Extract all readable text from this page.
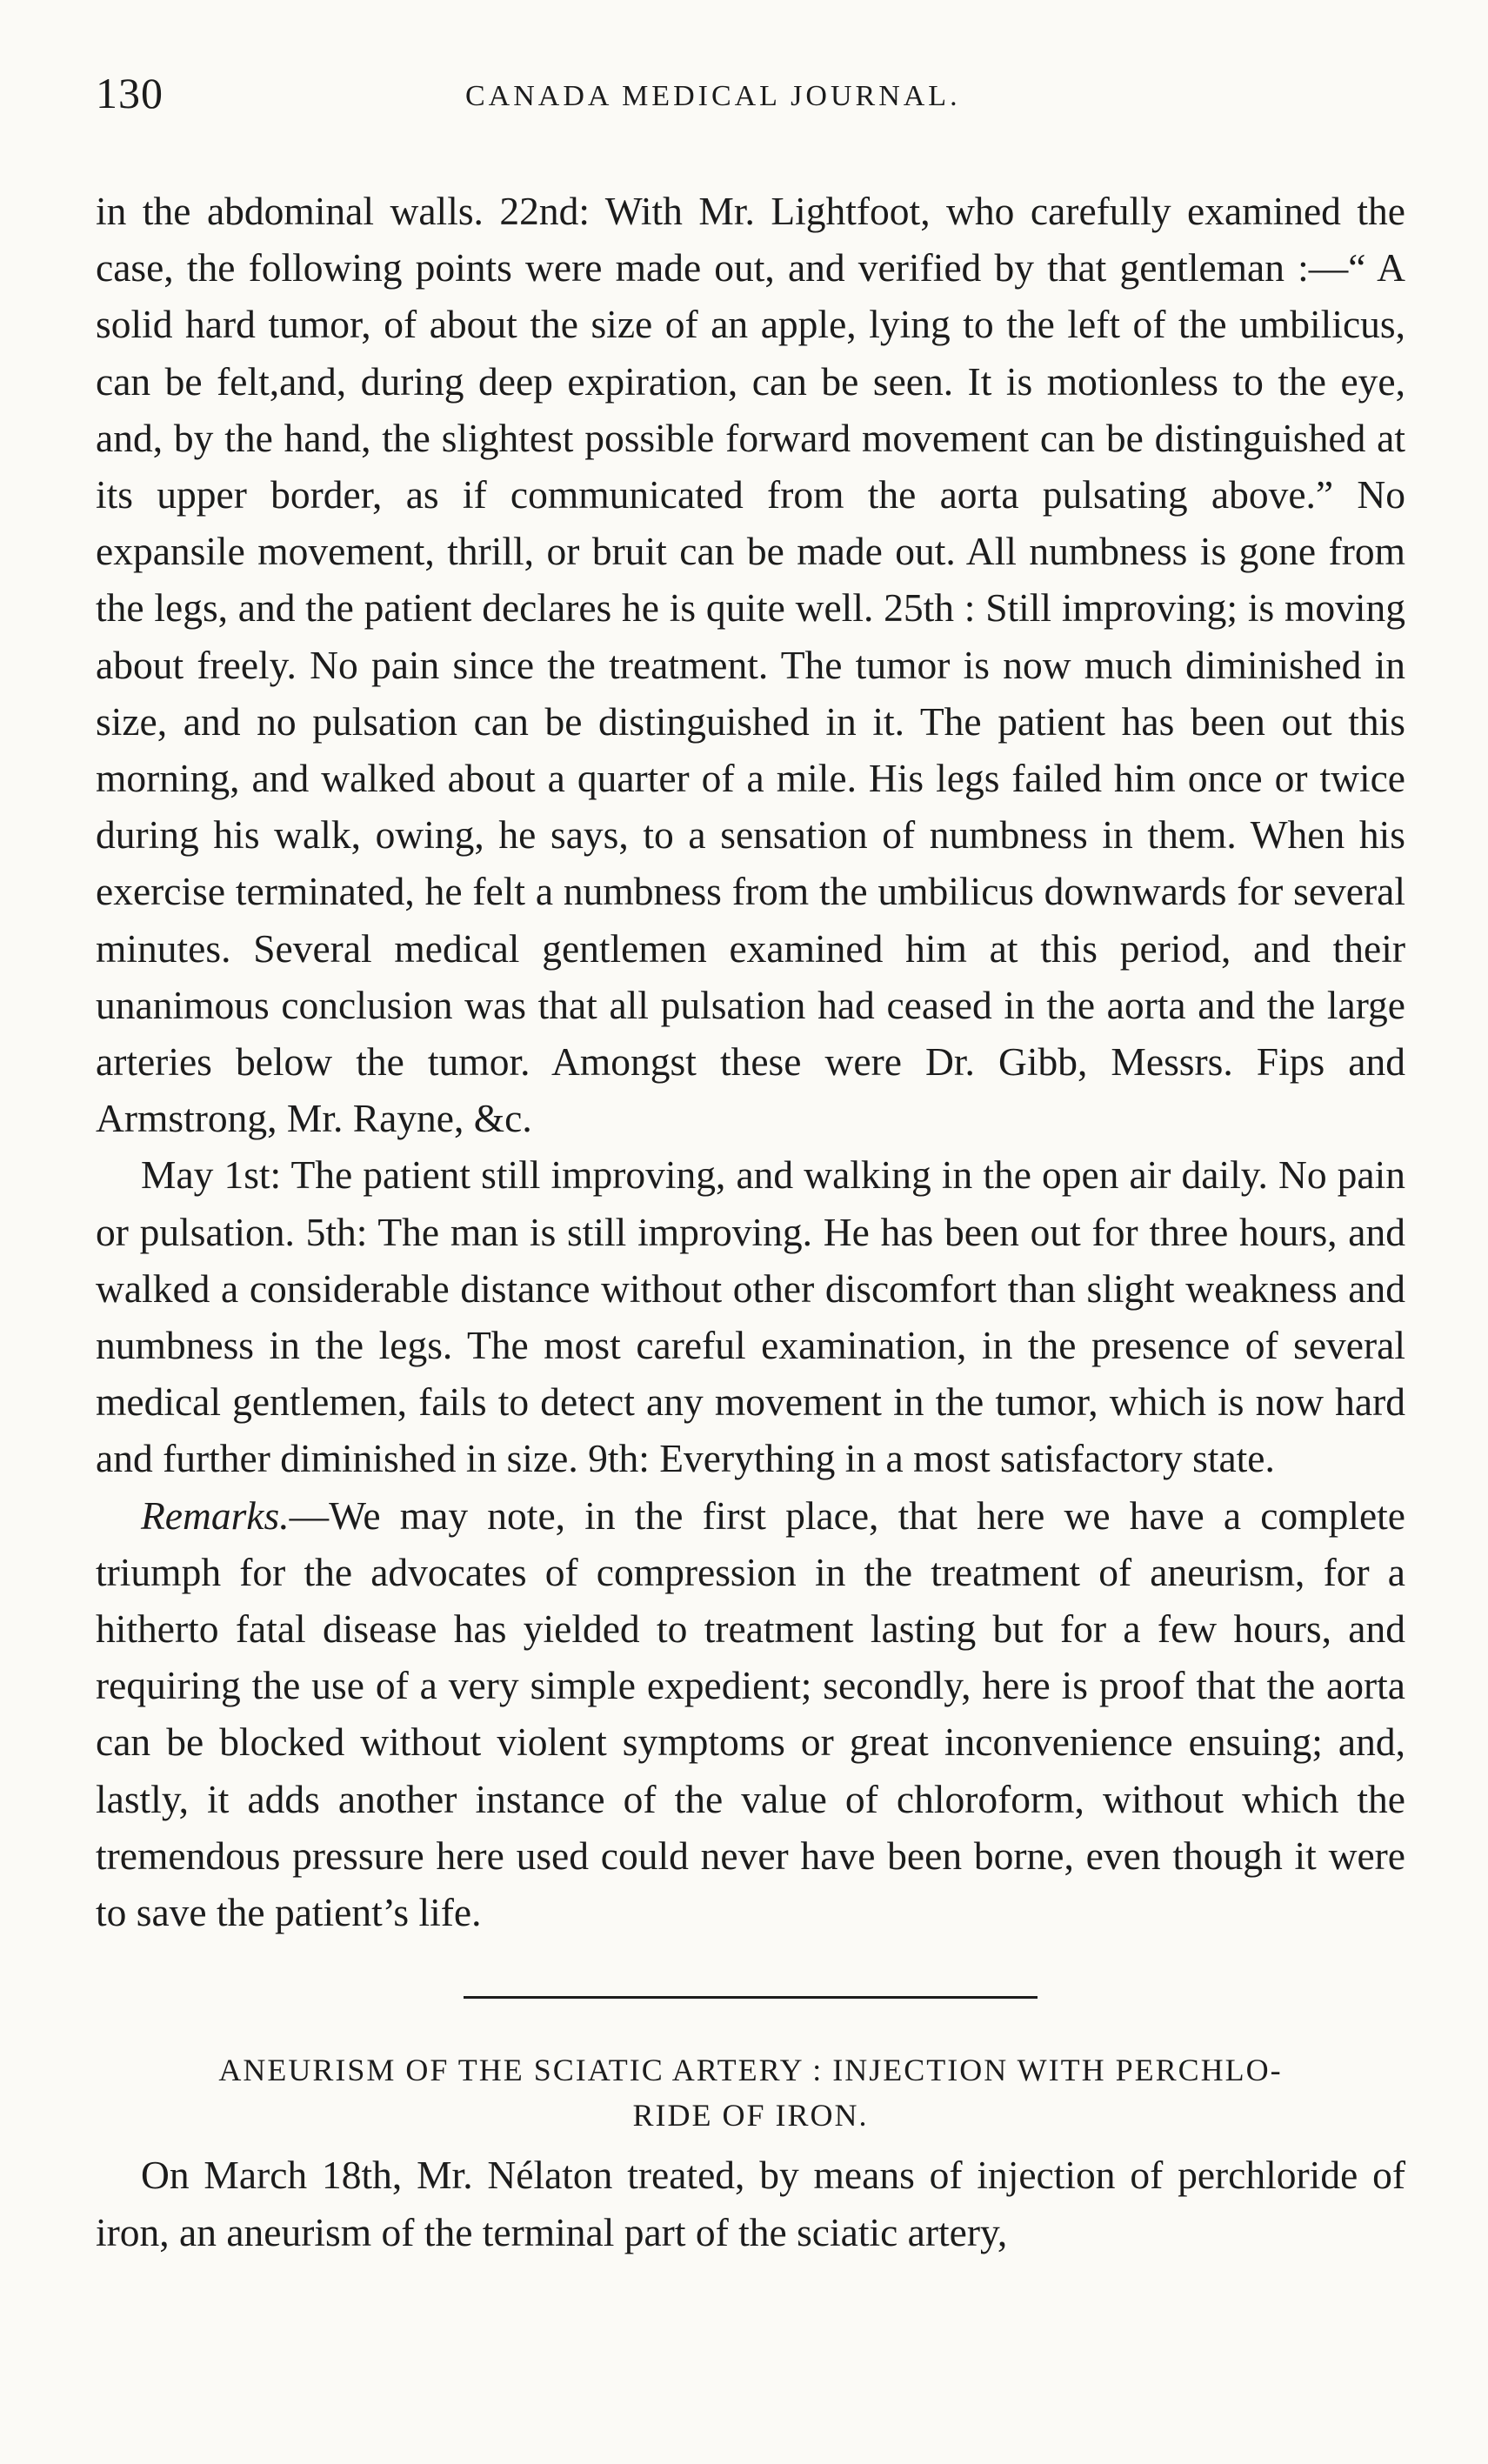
130	CANADA MEDICAL JOURNAL.

in the abdominal walls. 22nd: With Mr. Lightfoot, who carefully examined the case, the following points were made out, and verified by that gentleman :—“ A solid hard tumor, of about the size of an apple, lying to the left of the umbilicus, can be felt,and, during deep expiration, can be seen. It is motionless to the eye, and, by the hand, the slightest possible forward movement can be distinguished at its upper border, as if communicated from the aorta pulsating above.” No expansile movement, thrill, or bruit can be made out. All numbness is gone from the legs, and the patient declares he is quite well. 25th : Still improving; is moving about freely. No pain since the treatment. The tumor is now much diminished in size, and no pulsation can be distinguished in it. The patient has been out this morning, and walked about a quarter of a mile. His legs failed him once or twice during his walk, owing, he says, to a sensation of numbness in them. When his exercise terminated, he felt a numbness from the umbilicus downwards for several minutes. Several medical gentlemen examined him at this period, and their unanimous conclusion was that all pulsation had ceased in the aorta and the large arteries below the tumor. Amongst these were Dr. Gibb, Messrs. Fips and Armstrong, Mr. Rayne, &c.

May 1st: The patient still improving, and walking in the open air daily. No pain or pulsation. 5th: The man is still improving. He has been out for three hours, and walked a considerable distance without other discomfort than slight weakness and numbness in the legs. The most careful examination, in the presence of several medical gentlemen, fails to detect any movement in the tumor, which is now hard and further diminished in size. 9th: Everything in a most satisfactory state.

Remarks.—We may note, in the first place, that here we have a complete triumph for the advocates of compression in the treatment of aneurism, for a hitherto fatal disease has yielded to treatment lasting but for a few hours, and requiring the use of a very simple expedient; secondly, here is proof that the aorta can be blocked without violent symptoms or great inconvenience ensuing; and, lastly, it adds another instance of the value of chloroform, without which the tremendous pressure here used could never have been borne, even though it were to save the patient’s life.

ANEURISM OF THE SCIATIC ARTERY : INJECTION WITH PERCHLO-
RIDE OF IRON.

On March 18th, Mr. Nélaton treated, by means of injection of perchloride of iron, an aneurism of the terminal part of the sciatic artery,
